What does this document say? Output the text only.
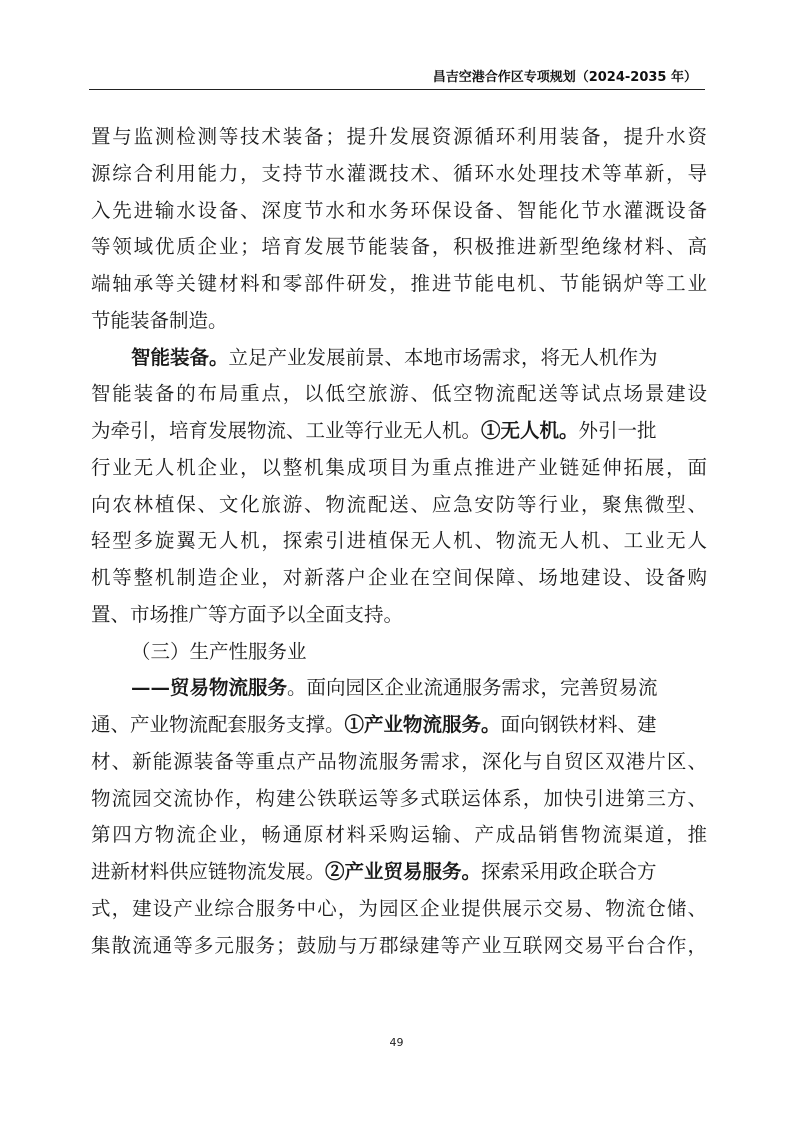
昌吉空港合作区专项规划（2024-2035 年）
置与监测检测等技术装备；提升发展资源循环利用装备，提升水资
源综合利用能力，支持节水灌溉技术、循环水处理技术等革新，导
入先进输水设备、深度节水和水务环保设备、智能化节水灌溉设备
等领域优质企业；培育发展节能装备，积极推进新型绝缘材料、高
端轴承等关键材料和零部件研发，推进节能电机、节能锅炉等工业
节能装备制造。
智能装备。立足产业发展前景、本地市场需求，将无人机作为
智能装备的布局重点，以低空旅游、低空物流配送等试点场景建设
为牵引，培育发展物流、工业等行业无人机。①无人机。外引一批
行业无人机企业，以整机集成项目为重点推进产业链延伸拓展，面
向农林植保、文化旅游、物流配送、应急安防等行业，聚焦微型、
轻型多旋翼无人机，探索引进植保无人机、物流无人机、工业无人
机等整机制造企业，对新落户企业在空间保障、场地建设、设备购
置、市场推广等方面予以全面支持。
（三）生产性服务业
——贸易物流服务。面向园区企业流通服务需求，完善贸易流
通、产业物流配套服务支撑。①产业物流服务。面向钢铁材料、建
材、新能源装备等重点产品物流服务需求，深化与自贸区双港片区、
物流园交流协作，构建公铁联运等多式联运体系，加快引进第三方、
第四方物流企业，畅通原材料采购运输、产成品销售物流渠道，推
进新材料供应链物流发展。②产业贸易服务。探索采用政企联合方
式，建设产业综合服务中心，为园区企业提供展示交易、物流仓储、
集散流通等多元服务；鼓励与万郡绿建等产业互联网交易平台合作，
49
